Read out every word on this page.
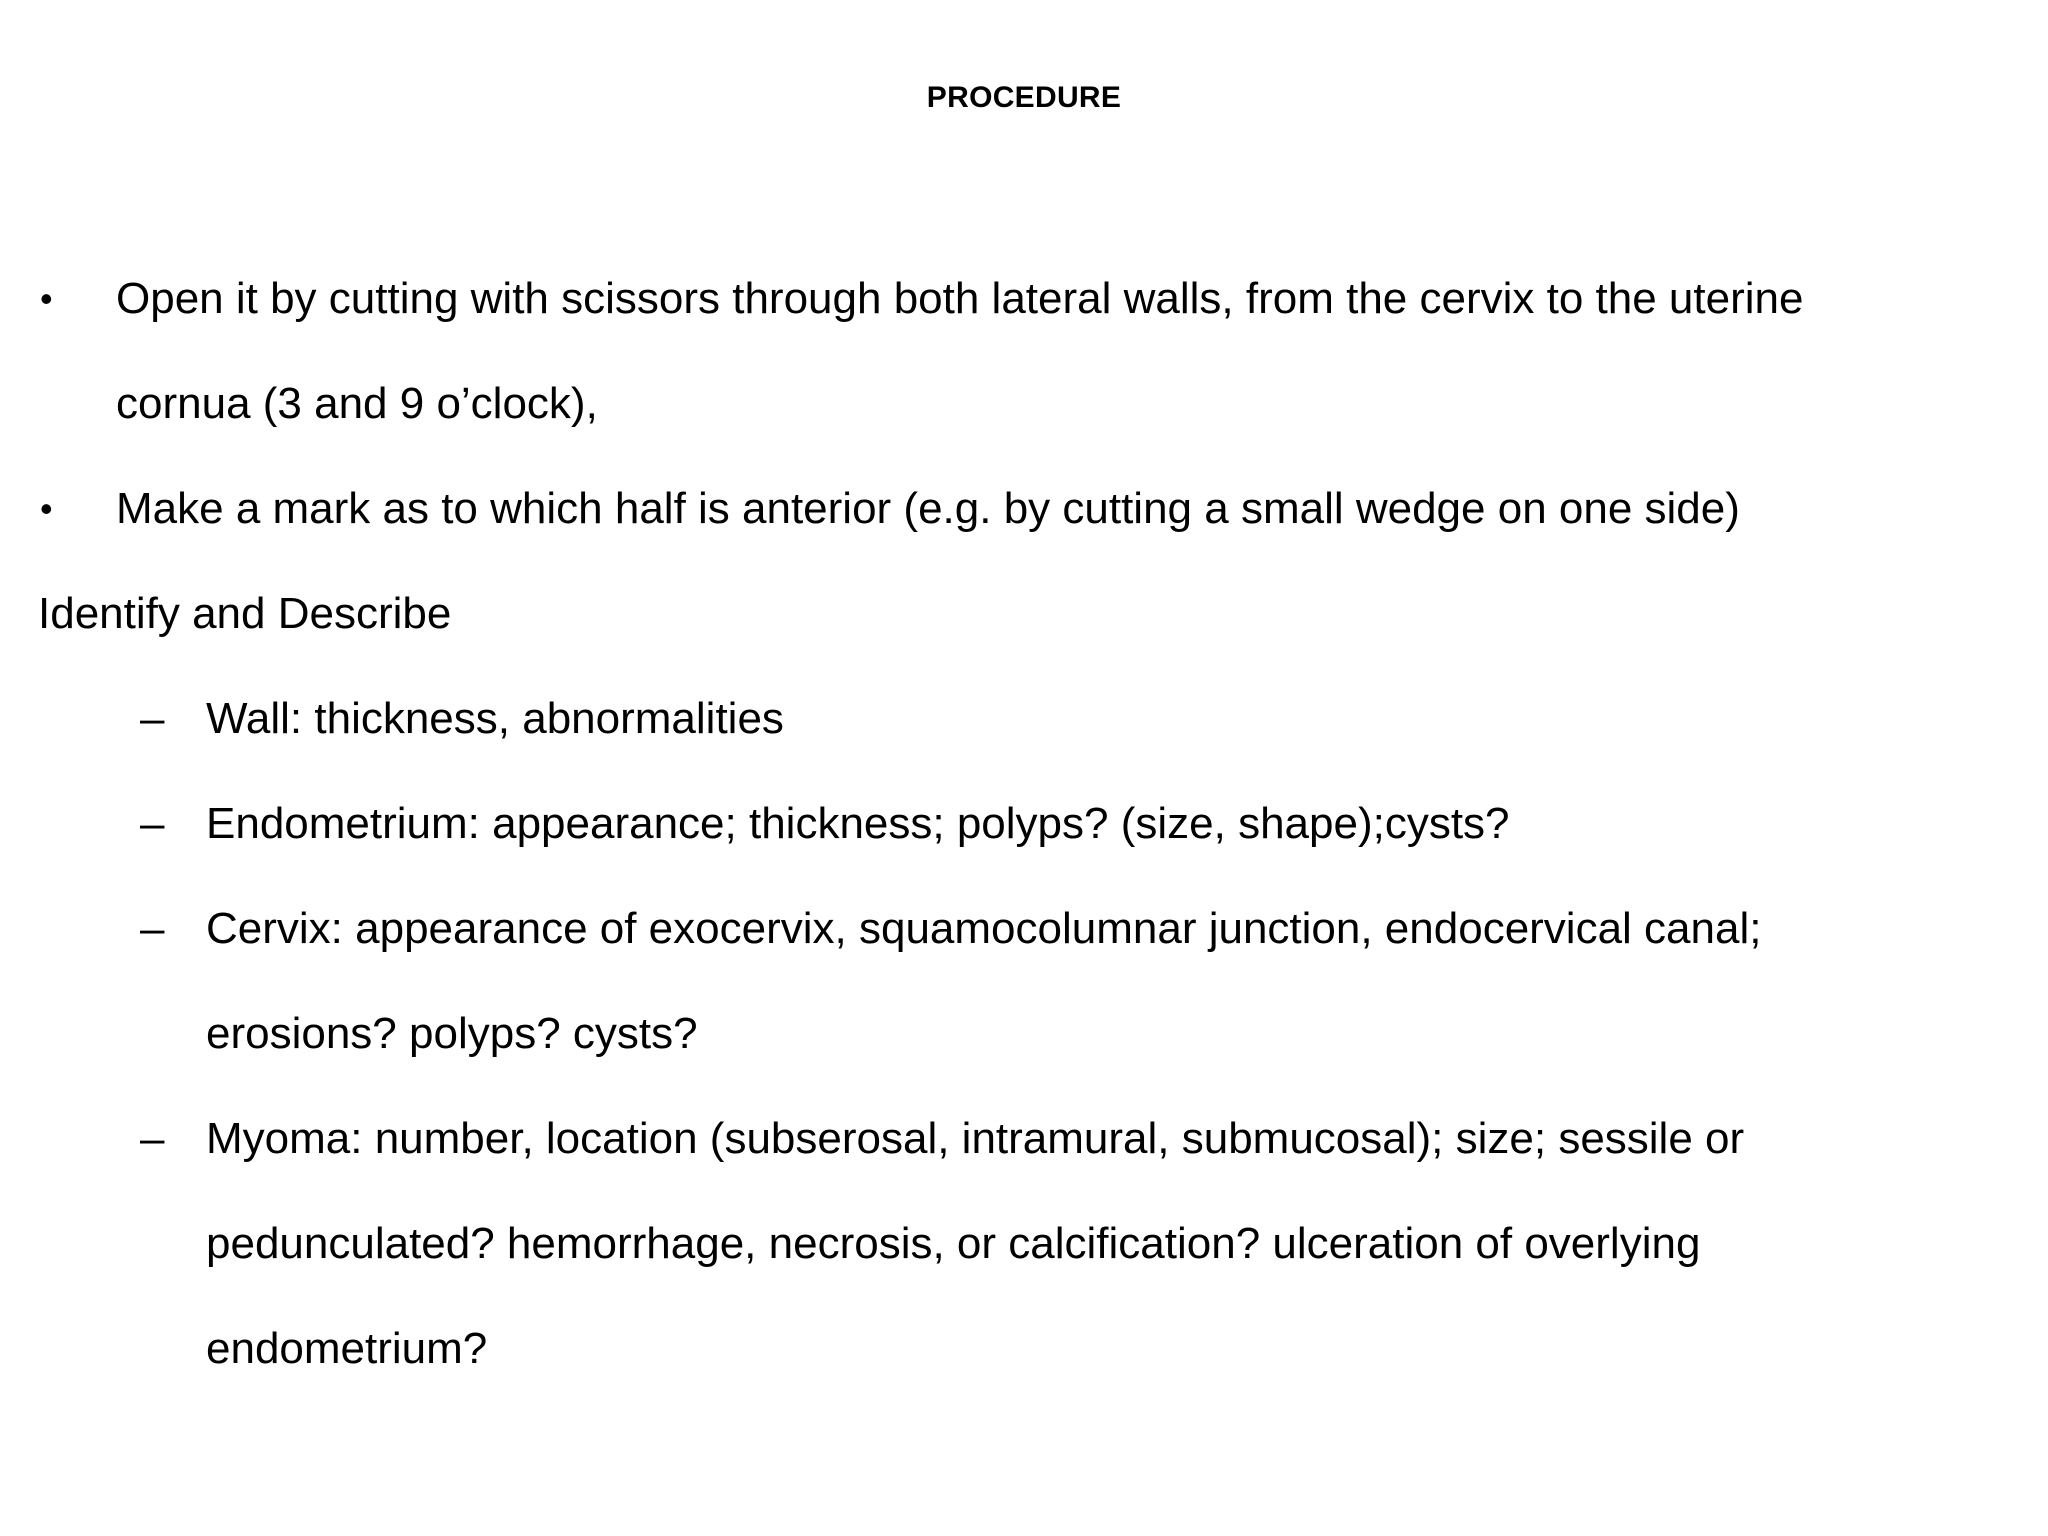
PROCEDURE
• Open it by cutting with scissors through both lateral walls, from the cervix to the uterine
cornua (3 and 9 o’clock),
• Make a mark as to which half is anterior (e.g. by cutting a small wedge on one side)
Identify and Describe
– Wall: thickness, abnormalities
– Endometrium: appearance; thickness; polyps? (size, shape);cysts?
– Cervix: appearance of exocervix, squamocolumnar junction, endocervical canal;
erosions? polyps? cysts?
– Myoma: number, location (subserosal, intramural, submucosal); size; sessile or
pedunculated? hemorrhage, necrosis, or calcification? ulceration of overlying
endometrium?
